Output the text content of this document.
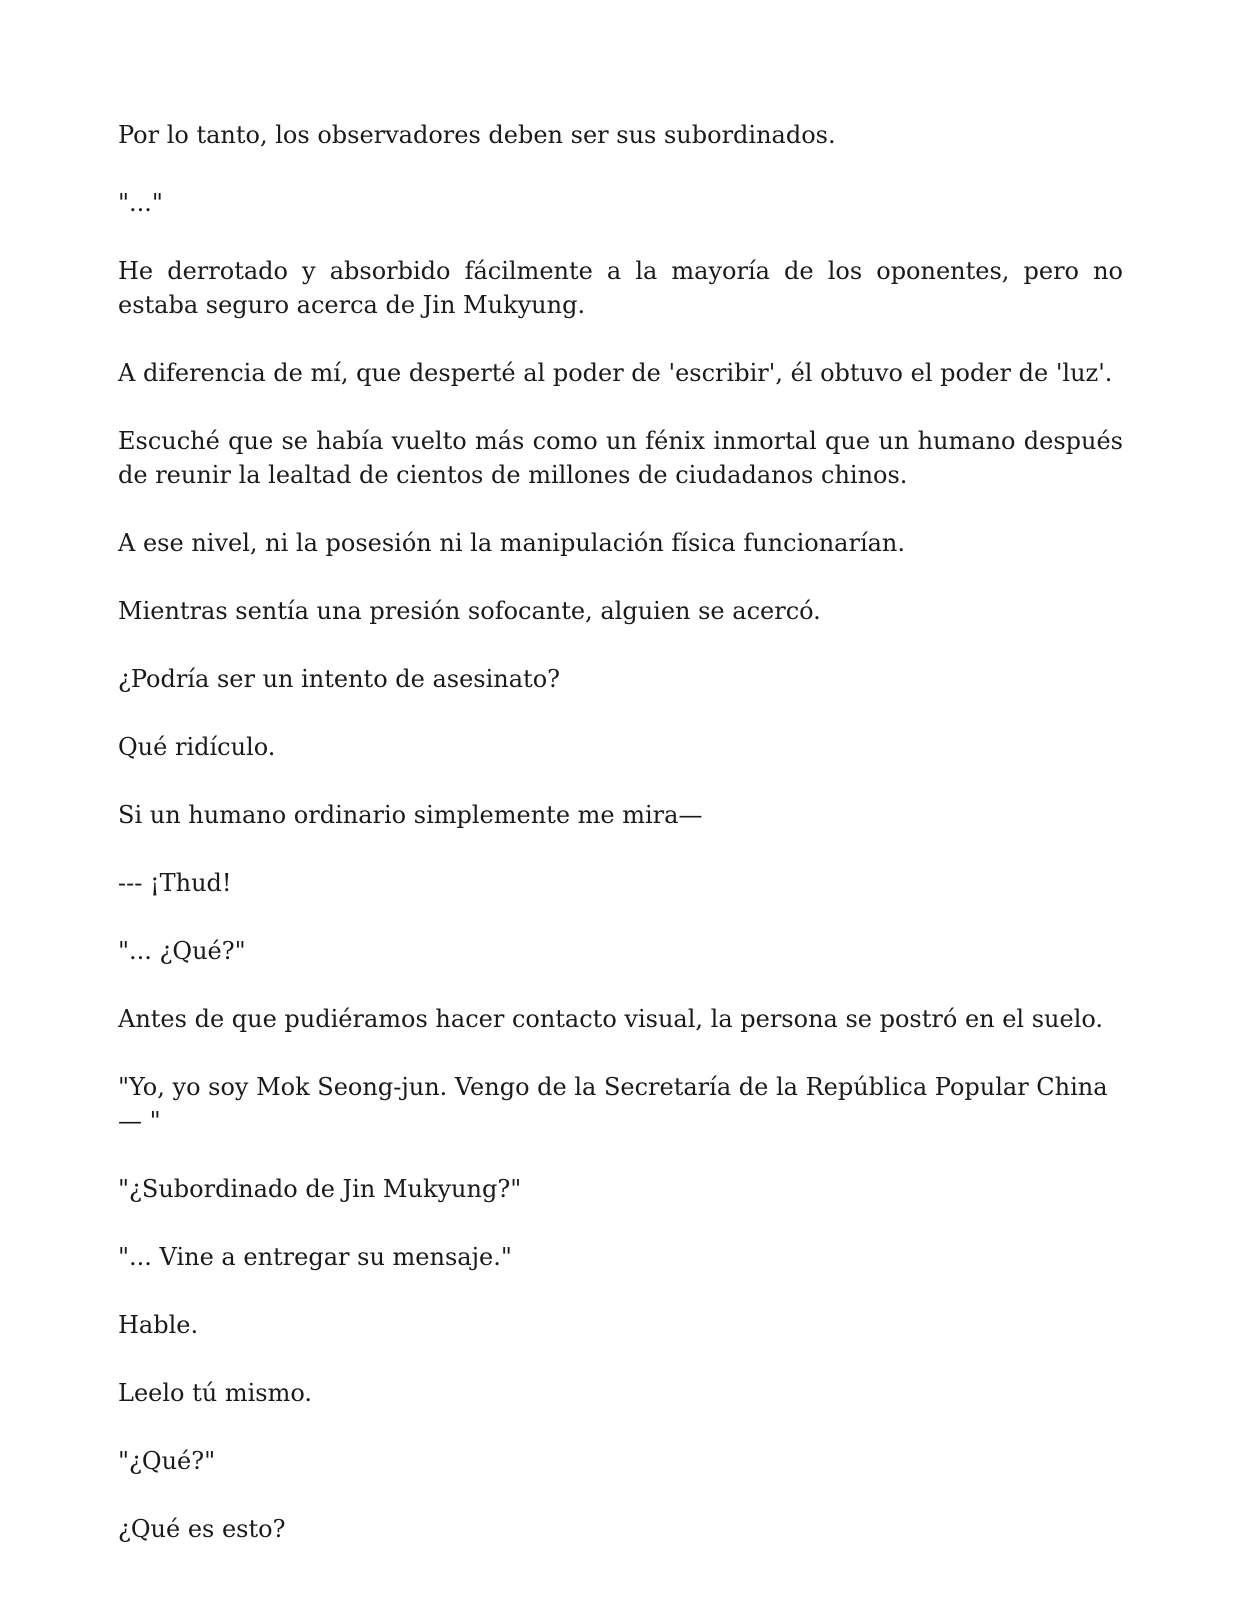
Por lo tanto, los observadores deben ser sus subordinados.

"..."

He derrotado y absorbido fácilmente a la mayoría de los oponentes, pero no estaba seguro acerca de Jin Mukyung.

A diferencia de mí, que desperté al poder de 'escribir', él obtuvo el poder de 'luz'.

Escuché que se había vuelto más como un fénix inmortal que un humano después de reunir la lealtad de cientos de millones de ciudadanos chinos.

A ese nivel, ni la posesión ni la manipulación física funcionarían.

Mientras sentía una presión sofocante, alguien se acercó.

¿Podría ser un intento de asesinato?

Qué ridículo.

Si un humano ordinario simplemente me mira—

--- ¡Thud!

"... ¿Qué?"

Antes de que pudiéramos hacer contacto visual, la persona se postró en el suelo.

"Yo, yo soy Mok Seong-jun. Vengo de la Secretaría de la República Popular China— "

"¿Subordinado de Jin Mukyung?"

"... Vine a entregar su mensaje."

Hable.

Leelo tú mismo.

"¿Qué?"

¿Qué es esto?
